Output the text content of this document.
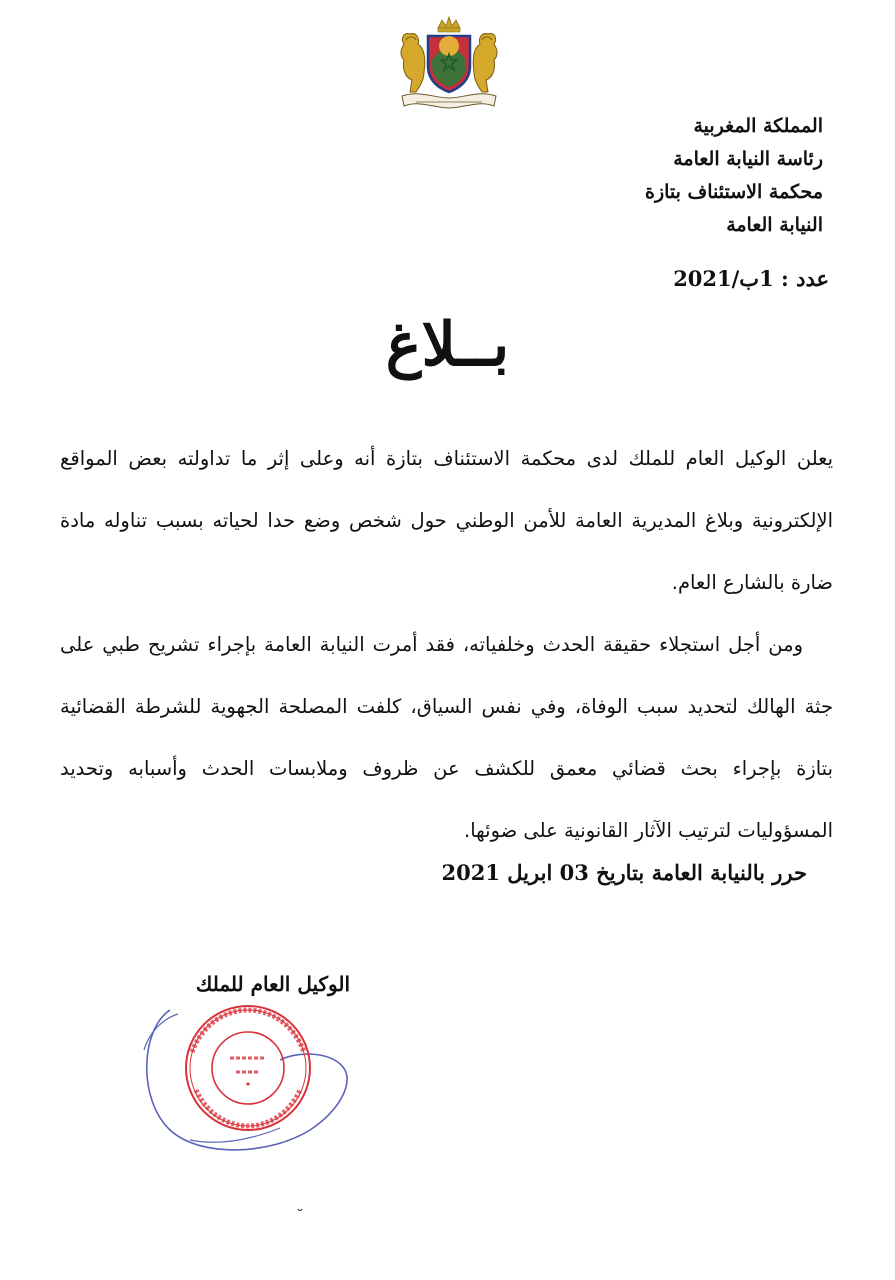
المملكة المغربية
رئاسة النيابة العامة
محكمة الاستئناف بتازة
النيابة العامة
عدد : 1ب/2021
بــلاغ

يعلن الوكيل العام للملك لدى محكمة الاستئناف بتازة أنه وعلى إثر ما تداولته بعض المواقع الإلكترونية وبلاغ المديرية العامة للأمن الوطني حول شخص وضع حدا لحياته بسبب تناوله مادة ضارة بالشارع العام.

ومن أجل استجلاء حقيقة الحدث وخلفياته، فقد أمرت النيابة العامة بإجراء تشريح طبي على جثة الهالك لتحديد سبب الوفاة، وفي نفس السياق، كلفت المصلحة الجهوية للشرطة القضائية بتازة بإجراء بحث قضائي معمق للكشف عن ظروف وملابسات الحدث وأسبابه وتحديد المسؤوليات لترتيب الآثار القانونية على ضوئها.

حرر بالنيابة العامة بتاريخ 03 ابريل 2021
الوكيل العام للملك
